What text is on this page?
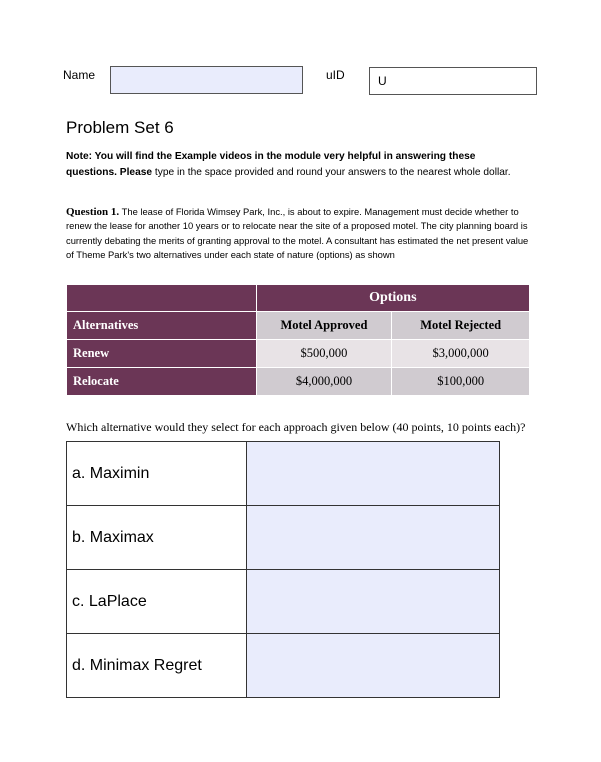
Name	uID	U
Problem Set 6
Note: You will find the Example videos in the module very helpful in answering these questions. Please type in the space provided and round your answers to the nearest whole dollar.
Question 1. The lease of Florida Wimsey Park, Inc., is about to expire. Management must decide whether to renew the lease for another 10 years or to relocate near the site of a proposed motel. The city planning board is currently debating the merits of granting approval to the motel. A consultant has estimated the net present value of Theme Park's two alternatives under each state of nature (options) as shown
	Options	
Alternatives	Motel Approved	Motel Rejected
Renew	$500,000	$3,000,000
Relocate	$4,000,000	$100,000
Which alternative would they select for each approach given below (40 points, 10 points each)?
a. Maximin	
b. Maximax	
c. LaPlace	
d. Minimax Regret	
